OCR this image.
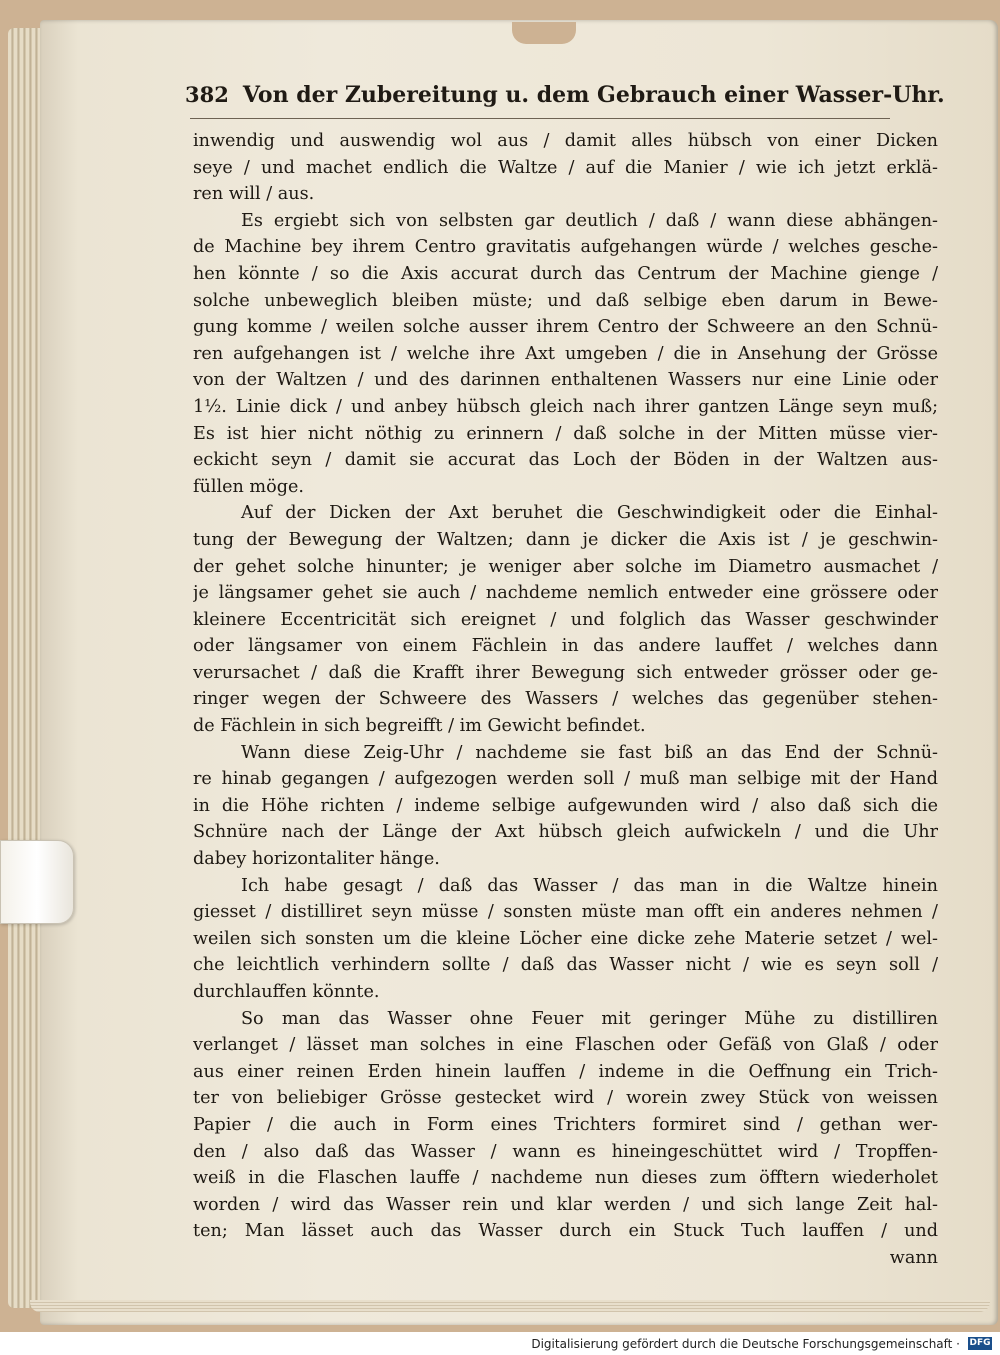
382 Von der Zubereitung u. dem Gebrauch einer Wasser-Uhr.
inwendig und auswendig wol aus / damit alles hübsch von einer Dicken
seye / und machet endlich die Waltze / auf die Manier / wie ich jetzt erklä-
ren will / aus.
Es ergiebt sich von selbsten gar deutlich / daß / wann diese abhängen-
de Machine bey ihrem Centro gravitatis aufgehangen würde / welches gesche-
hen könnte / so die Axis accurat durch das Centrum der Machine gienge /
solche unbeweglich bleiben müste; und daß selbige eben darum in Bewe-
gung komme / weilen solche ausser ihrem Centro der Schweere an den Schnü-
ren aufgehangen ist / welche ihre Axt umgeben / die in Ansehung der Grösse
von der Waltzen / und des darinnen enthaltenen Wassers nur eine Linie oder
1½. Linie dick / und anbey hübsch gleich nach ihrer gantzen Länge seyn muß;
Es ist hier nicht nöthig zu erinnern / daß solche in der Mitten müsse vier-
eckicht seyn / damit sie accurat das Loch der Böden in der Waltzen aus-
füllen möge.
Auf der Dicken der Axt beruhet die Geschwindigkeit oder die Einhal-
tung der Bewegung der Waltzen; dann je dicker die Axis ist / je geschwin-
der gehet solche hinunter; je weniger aber solche im Diametro ausmachet /
je längsamer gehet sie auch / nachdeme nemlich entweder eine grössere oder
kleinere Eccentricität sich ereignet / und folglich das Wasser geschwinder
oder längsamer von einem Fächlein in das andere lauffet / welches dann
verursachet / daß die Krafft ihrer Bewegung sich entweder grösser oder ge-
ringer wegen der Schweere des Wassers / welches das gegenüber stehen-
de Fächlein in sich begreifft / im Gewicht befindet.
Wann diese Zeig-Uhr / nachdeme sie fast biß an das End der Schnü-
re hinab gegangen / aufgezogen werden soll / muß man selbige mit der Hand
in die Höhe richten / indeme selbige aufgewunden wird / also daß sich die
Schnüre nach der Länge der Axt hübsch gleich aufwickeln / und die Uhr
dabey horizontaliter hänge.
Ich habe gesagt / daß das Wasser / das man in die Waltze hinein
giesset / distilliret seyn müsse / sonsten müste man offt ein anderes nehmen /
weilen sich sonsten um die kleine Löcher eine dicke zehe Materie setzet / wel-
che leichtlich verhindern sollte / daß das Wasser nicht / wie es seyn soll /
durchlauffen könnte.
So man das Wasser ohne Feuer mit geringer Mühe zu distilliren
verlanget / lässet man solches in eine Flaschen oder Gefäß von Glaß / oder
aus einer reinen Erden hinein lauffen / indeme in die Oeffnung ein Trich-
ter von beliebiger Grösse gestecket wird / worein zwey Stück von weissen
Papier / die auch in Form eines Trichters formiret sind / gethan wer-
den / also daß das Wasser / wann es hineingeschüttet wird / Tropffen-
weiß in die Flaschen lauffe / nachdeme nun dieses zum öfftern wiederholet
worden / wird das Wasser rein und klar werden / und sich lange Zeit hal-
ten; Man lässet auch das Wasser durch ein Stuck Tuch lauffen / und
wann
Digitalisierung gefördert durch die Deutsche Forschungsgemeinschaft · DFG
